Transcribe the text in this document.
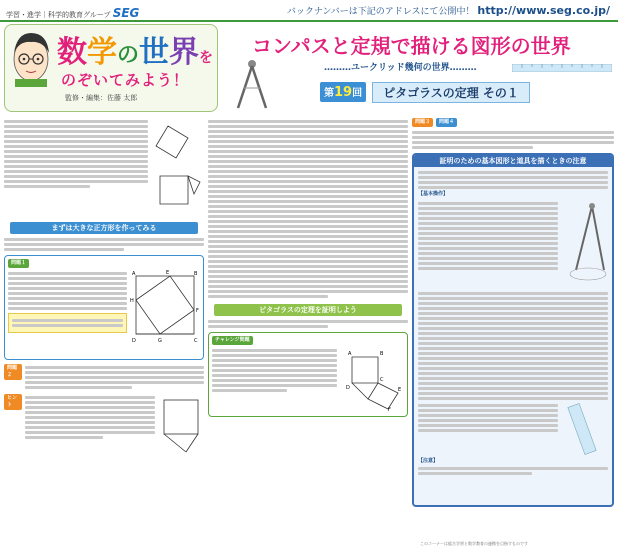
学習・進学｜科学的教育グループ SEG	バックナンバーは下記のアドレスにて公開中！ http://www.seg.co.jp/
数学の世界を
のぞいてみよう！
監修・編集：佐藤 太郎
コンパスと定規で描ける図形の世界
………ユークリッド幾何の世界………
第19回	ピタゴラスの定理 その１
まずは大きな正方形を作ってみる
問題１
A	B
C
D
E
F
G
H
問題２
ヒント
ピタゴラスの定理を証明しよう
チャレンジ問題
A	B
C
D	E
F
問題３	問題４
証明のための基本図形と道具を描くときの注意
【基本操作】
【注意】
このコーナーは総合学習と数学教育の連携を目指すものです
